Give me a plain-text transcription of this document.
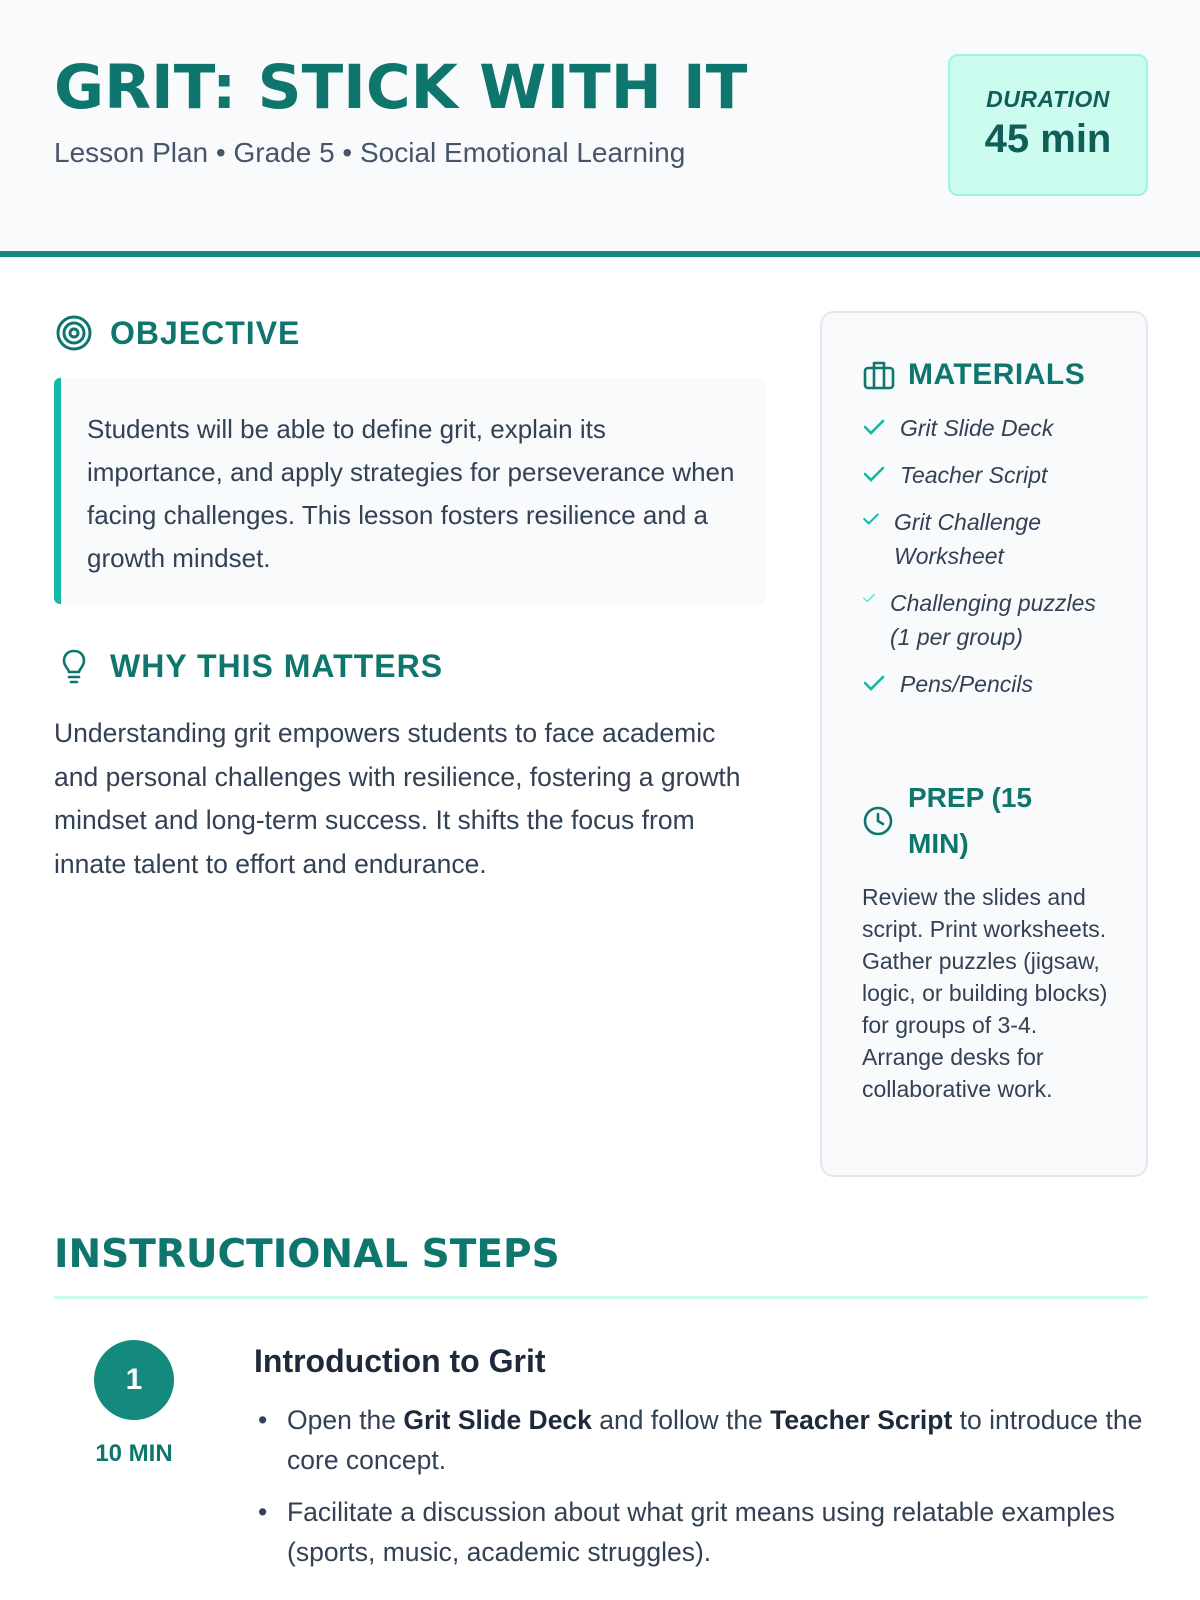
GRIT: STICK WITH IT
Lesson Plan • Grade 5 • Social Emotional Learning
DURATION
45 min
OBJECTIVE
Students will be able to define grit, explain its importance, and apply strategies for perseverance when facing challenges. This lesson fosters resilience and a growth mindset.
WHY THIS MATTERS
Understanding grit empowers students to face academic and personal challenges with resilience, fostering a growth mindset and long-term success. It shifts the focus from innate talent to effort and endurance.
MATERIALS
Grit Slide Deck
Teacher Script
Grit Challenge Worksheet
Challenging puzzles (1 per group)
Pens/Pencils
PREP (15 MIN)
Review the slides and script. Print worksheets. Gather puzzles (jigsaw, logic, or building blocks) for groups of 3-4. Arrange desks for collaborative work.
INSTRUCTIONAL STEPS
1
10 MIN
Introduction to Grit
• Open the Grit Slide Deck and follow the Teacher Script to introduce the core concept.
• Facilitate a discussion about what grit means using relatable examples (sports, music, academic struggles).
